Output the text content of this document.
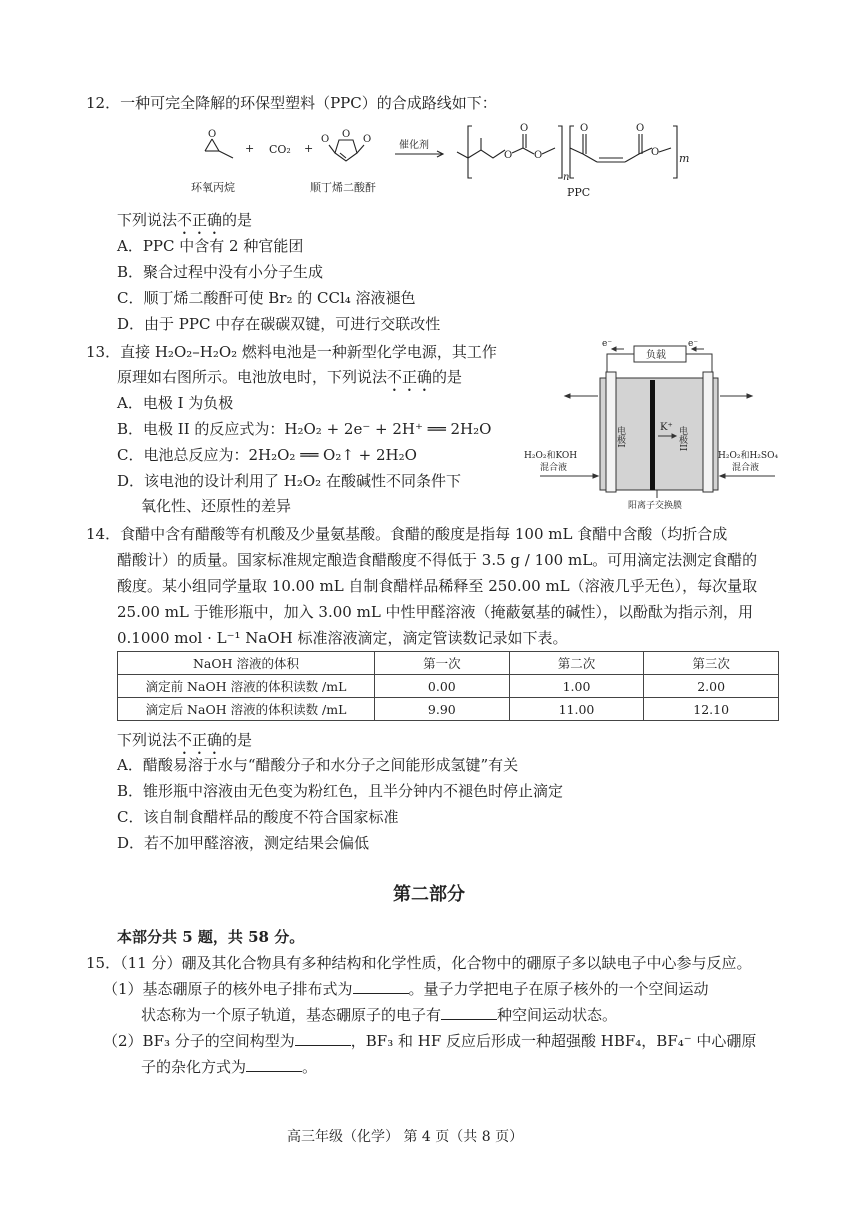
12．一种可完全降解的环保型塑料（PPC）的合成路线如下：
O
+ CO₂ +
O O O
催化剂
O
O
O
O	O
O
n
m
环氧丙烷	顺丁烯二酸酐	PPC
下列说法不正确的是
A．PPC 中含有 2 种官能团
B．聚合过程中没有小分子生成
C．顺丁烯二酸酐可使 Br₂ 的 CCl₄ 溶液褪色
D．由于 PPC 中存在碳碳双键，可进行交联改性
13．直接 H₂O₂–H₂O₂ 燃料电池是一种新型化学电源，其工作
原理如右图所示。电池放电时，下列说法不正确的是
A．电极 I 为负极
B．电极 II 的反应式为：H₂O₂ + 2e⁻ + 2H⁺ ══ 2H₂O
C．电池总反应为：2H₂O₂ ══ O₂↑ + 2H₂O
D．该电池的设计利用了 H₂O₂ 在酸碱性不同条件下
氧化性、还原性的差异
e⁻	e⁻
负载
电极I	电极II
K⁺
H₂O₂和KOH
混合液
H₂O₂和H₂SO₄
混合液
阳离子交换膜
14．食醋中含有醋酸等有机酸及少量氨基酸。食醋的酸度是指每 100 mL 食醋中含酸（均折合成
醋酸计）的质量。国家标准规定酿造食醋酸度不得低于 3.5 g / 100 mL。可用滴定法测定食醋的
酸度。某小组同学量取 10.00 mL 自制食醋样品稀释至 250.00 mL（溶液几乎无色），每次量取
25.00 mL 于锥形瓶中，加入 3.00 mL 中性甲醛溶液（掩蔽氨基的碱性），以酚酞为指示剂，用
0.1000 mol · L⁻¹ NaOH 标准溶液滴定，滴定管读数记录如下表。
NaOH 溶液的体积	第一次	第二次	第三次
滴定前 NaOH 溶液的体积读数 /mL	0.00	1.00	2.00
滴定后 NaOH 溶液的体积读数 /mL	9.90	11.00	12.10
下列说法不正确的是
A．醋酸易溶于水与“醋酸分子和水分子之间能形成氢键”有关
B．锥形瓶中溶液由无色变为粉红色，且半分钟内不褪色时停止滴定
C．该自制食醋样品的酸度不符合国家标准
D．若不加甲醛溶液，测定结果会偏低
第二部分
本部分共 5 题，共 58 分。
15．（11 分）硼及其化合物具有多种结构和化学性质，化合物中的硼原子多以缺电子中心参与反应。
（1）基态硼原子的核外电子排布式为	。量子力学把电子在原子核外的一个空间运动
状态称为一个原子轨道，基态硼原子的电子有	种空间运动状态。
（2）BF₃ 分子的空间构型为	，BF₃ 和 HF 反应后形成一种超强酸 HBF₄，BF₄⁻ 中心硼原
子的杂化方式为	。
高三年级（化学） 第 4 页（共 8 页）
